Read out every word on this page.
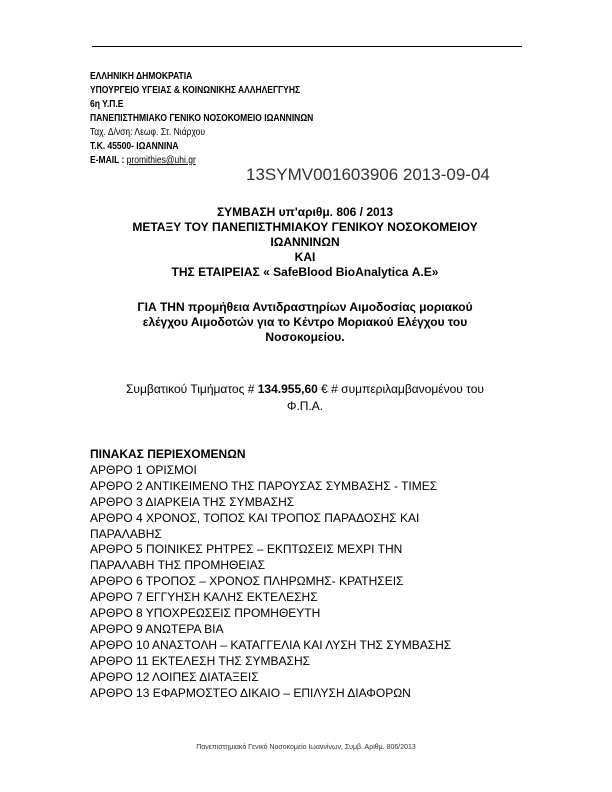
ΕΛΛΗΝΙΚΗ ΔΗΜΟΚΡΑΤΙΑ
ΥΠΟΥΡΓΕΙΟ ΥΓΕΙΑΣ & ΚΟΙΝΩΝΙΚΗΣ ΑΛΛΗΛΕΓΓΥΗΣ
6η Υ.Π.Ε
ΠΑΝΕΠΙΣΤΗΜΙΑΚΟ ΓΕΝΙΚΟ ΝΟΣΟΚΟΜΕΙΟ ΙΩΑΝΝΙΝΩΝ
Ταχ. Δ/νση: Λεωφ. Στ. Νιάρχου
Τ.Κ. 45500- ΙΩΑΝΝΙΝΑ
E-MAIL : promithies@uhi.gr
13SYMV001603906 2013-09-04
ΣΥΜΒΑΣΗ υπ'αριθμ. 806 / 2013
ΜΕΤΑΞΥ ΤΟΥ ΠΑΝΕΠΙΣΤΗΜΙΑΚΟΥ ΓΕΝΙΚΟΥ ΝΟΣΟΚΟΜΕΙΟΥ
ΙΩΑΝΝΙΝΩΝ
ΚΑΙ
ΤΗΣ ΕΤΑΙΡΕΙΑΣ « SafeBlood BioAnalytica Α.Ε»
ΓΙΑ ΤΗΝ προμήθεια Αντιδραστηρίων Αιμοδοσίας μοριακού
ελέγχου Αιμοδοτών για το Κέντρο Μοριακού Ελέγχου του
Νοσοκομείου.
Συμβατικού Τιμήματος # 134.955,60 € # συμπεριλαμβανομένου του
Φ.Π.Α.
ΠΙΝΑΚΑΣ ΠΕΡΙΕΧΟΜΕΝΩΝ
ΑΡΘΡΟ 1 ΟΡΙΣΜΟΙ
ΑΡΘΡΟ 2 ΑΝΤΙΚΕΙΜΕΝΟ ΤΗΣ ΠΑΡΟΥΣΑΣ ΣΥΜΒΑΣΗΣ - ΤΙΜΕΣ
ΑΡΘΡΟ 3 ΔΙΑΡΚΕΙΑ ΤΗΣ ΣΥΜΒΑΣΗΣ
ΑΡΘΡΟ 4 ΧΡΟΝΟΣ, ΤΟΠΟΣ ΚΑΙ ΤΡΟΠΟΣ ΠΑΡΑΔΟΣΗΣ ΚΑΙ
ΠΑΡΑΛΑΒΗΣ
ΑΡΘΡΟ 5 ΠΟΙΝΙΚΕΣ ΡΗΤΡΕΣ – ΕΚΠΤΩΣΕΙΣ ΜΕΧΡΙ ΤΗΝ
ΠΑΡΑΛΑΒΗ ΤΗΣ ΠΡΟΜΗΘΕΙΑΣ
ΑΡΘΡΟ 6 ΤΡΟΠΟΣ – ΧΡΟΝΟΣ ΠΛΗΡΩΜΗΣ- ΚΡΑΤΗΣΕΙΣ
ΑΡΘΡΟ 7 ΕΓΓΥΗΣΗ ΚΑΛΗΣ ΕΚΤΕΛΕΣΗΣ
ΑΡΘΡΟ 8 ΥΠΟΧΡΕΩΣΕΙΣ ΠΡΟΜΗΘΕΥΤΗ
ΑΡΘΡΟ 9 ΑΝΩΤΕΡΑ ΒΙΑ
ΑΡΘΡΟ 10 ΑΝΑΣΤΟΛΗ – ΚΑΤΑΓΓΕΛΙΑ ΚΑΙ ΛΥΣΗ ΤΗΣ ΣΥΜΒΑΣΗΣ
ΑΡΘΡΟ 11 ΕΚΤΕΛΕΣΗ ΤΗΣ ΣΥΜΒΑΣΗΣ
ΑΡΘΡΟ 12 ΛΟΙΠΕΣ ΔΙΑΤΑΞΕΙΣ
ΑΡΘΡΟ 13 ΕΦΑΡΜΟΣΤΕΟ ΔΙΚΑΙΟ – ΕΠΙΛΥΣΗ ΔΙΑΦΟΡΩΝ
Πανεπιστημιακό Γενικό Νοσοκομείο Ιωαννίνων, Συμβ. Αριθμ. 806/2013
